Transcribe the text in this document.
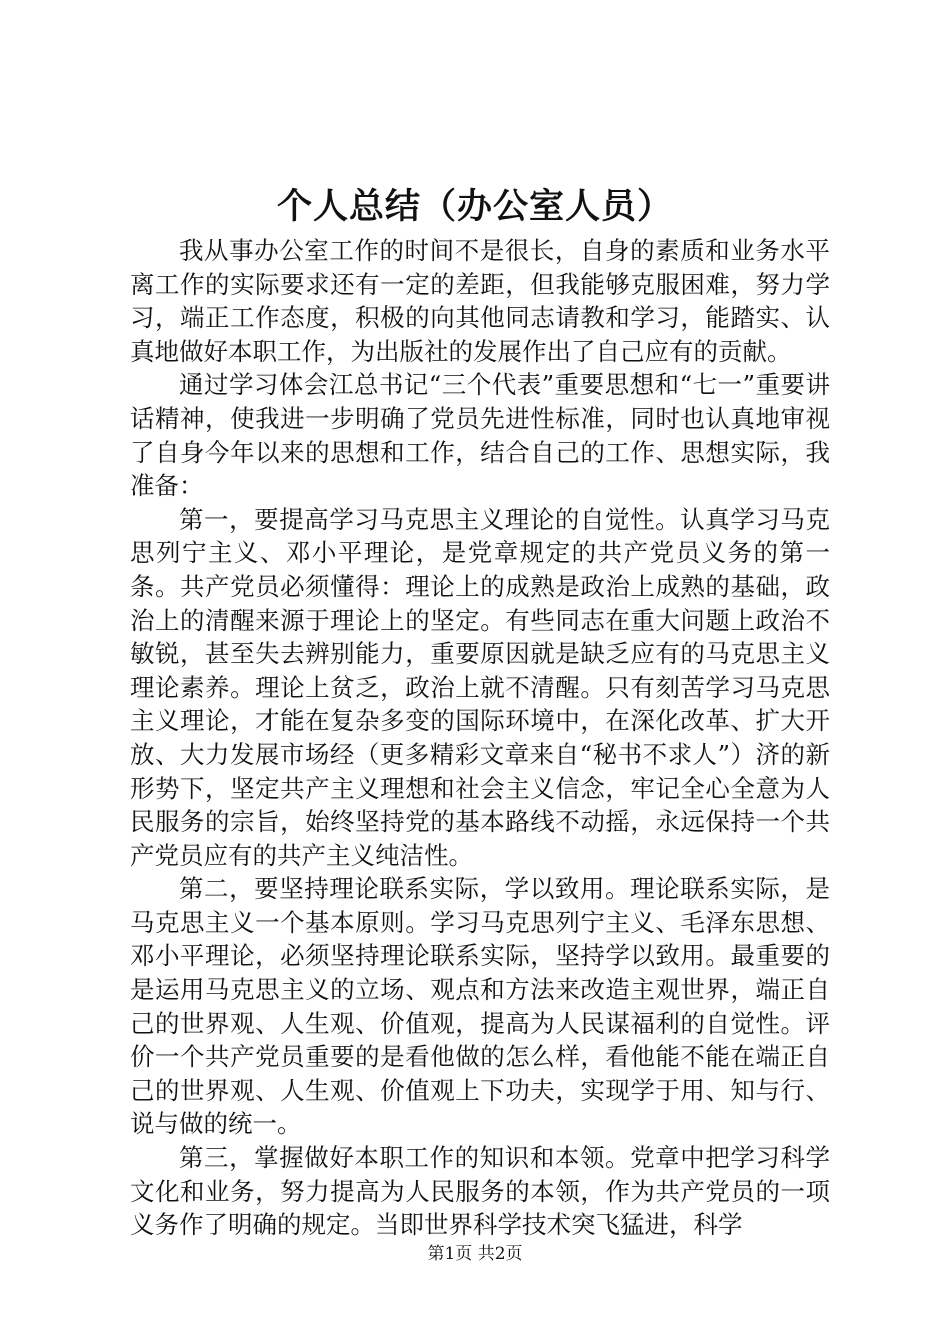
个人总结（办公室人员）

我从事办公室工作的时间不是很长，自身的素质和业务水平离工作的实际要求还有一定的差距，但我能够克服困难，努力学习，端正工作态度，积极的向其他同志请教和学习，能踏实、认真地做好本职工作，为出版社的发展作出了自己应有的贡献。

通过学习体会江总书记“三个代表”重要思想和“七一”重要讲话精神，使我进一步明确了党员先进性标准，同时也认真地审视了自身今年以来的思想和工作，结合自己的工作、思想实际，我准备：

第一，要提高学习马克思主义理论的自觉性。认真学习马克思列宁主义、邓小平理论，是党章规定的共产党员义务的第一条。共产党员必须懂得：理论上的成熟是政治上成熟的基础，政治上的清醒来源于理论上的坚定。有些同志在重大问题上政治不敏锐，甚至失去辨别能力，重要原因就是缺乏应有的马克思主义理论素养。理论上贫乏，政治上就不清醒。只有刻苦学习马克思主义理论，才能在复杂多变的国际环境中，在深化改革、扩大开放、大力发展市场经（更多精彩文章来自“秘书不求人”）济的新形势下，坚定共产主义理想和社会主义信念，牢记全心全意为人民服务的宗旨，始终坚持党的基本路线不动摇，永远保持一个共产党员应有的共产主义纯洁性。

第二，要坚持理论联系实际，学以致用。理论联系实际，是马克思主义一个基本原则。学习马克思列宁主义、毛泽东思想、邓小平理论，必须坚持理论联系实际，坚持学以致用。最重要的是运用马克思主义的立场、观点和方法来改造主观世界，端正自己的世界观、人生观、价值观，提高为人民谋福利的自觉性。评价一个共产党员重要的是看他做的怎么样，看他能不能在端正自己的世界观、人生观、价值观上下功夫，实现学于用、知与行、说与做的统一。

第三，掌握做好本职工作的知识和本领。党章中把学习科学文化和业务，努力提高为人民服务的本领，作为共产党员的一项义务作了明确的规定。当即世界科学技术突飞猛进，科学

第1页 共2页
